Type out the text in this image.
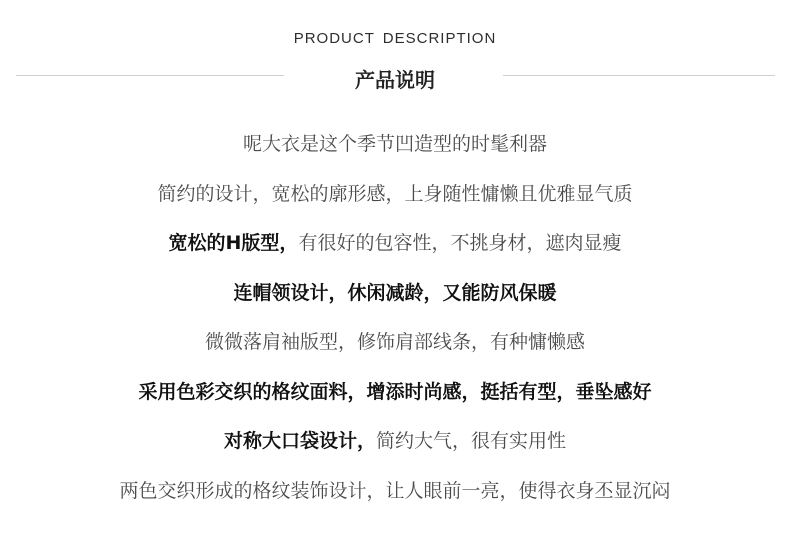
PRODUCT DESCRIPTION
产品说明
呢大衣是这个季节凹造型的时髦利器
简约的设计，宽松的廓形感，上身随性慵懒且优雅显气质
宽松的H版型，有很好的包容性，不挑身材，遮肉显瘦
连帽领设计，休闲减龄，又能防风保暖
微微落肩袖版型，修饰肩部线条，有种慵懒感
采用色彩交织的格纹面料，增添时尚感，挺括有型，垂坠感好
对称大口袋设计，简约大气，很有实用性
两色交织形成的格纹装饰设计，让人眼前一亮，使得衣身丕显沉闷
